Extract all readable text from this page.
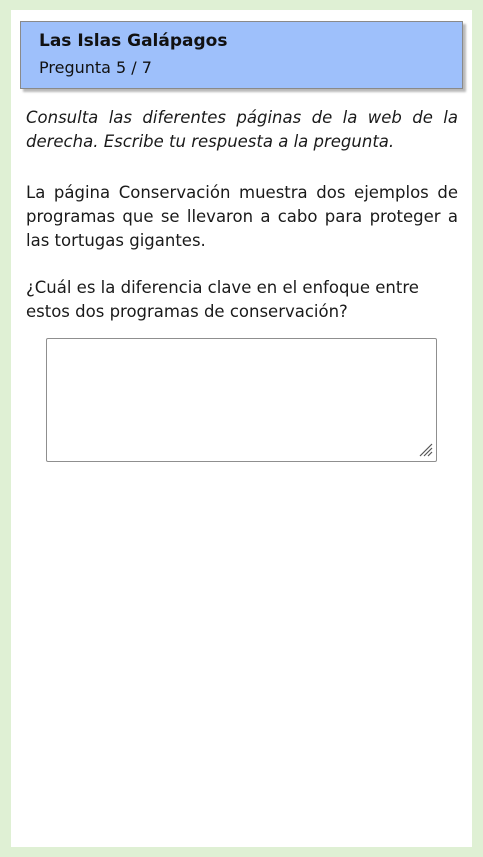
Las Islas Galápagos
Pregunta 5 / 7
Consulta las diferentes páginas de la web de la derecha. Escribe tu respuesta a la pregunta.
La página Conservación muestra dos ejemplos de programas que se llevaron a cabo para proteger a las tortugas gigantes.
¿Cuál es la diferencia clave en el enfoque entre estos dos programas de conservación?
